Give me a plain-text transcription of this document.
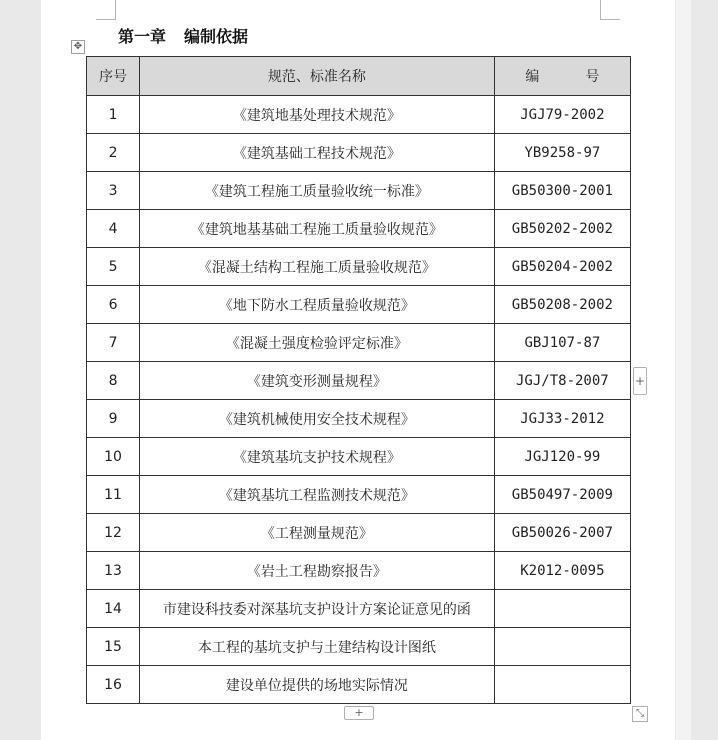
✥
第一章 编制依据
序号	规范、标准名称	编 号
1	《建筑地基处理技术规范》	JGJ79-2002
2	《建筑基础工程技术规范》	YB9258-97
3	《建筑工程施工质量验收统一标准》	GB50300-2001
4	《建筑地基基础工程施工质量验收规范》	GB50202-2002
5	《混凝土结构工程施工质量验收规范》	GB50204-2002
6	《地下防水工程质量验收规范》	GB50208-2002
7	《混凝土强度检验评定标准》	GBJ107-87
8	《建筑变形测量规程》	JGJ/T8-2007
9	《建筑机械使用安全技术规程》	JGJ33-2012
10	《建筑基坑支护技术规程》	JGJ120-99
11	《建筑基坑工程监测技术规范》	GB50497-2009
12	《工程测量规范》	GB50026-2007
13	《岩土工程勘察报告》	K2012-0095
14	市建设科技委对深基坑支护设计方案论证意见的函	
15	本工程的基坑支护与土建结构设计图纸	
16	建设单位提供的场地实际情况	
+
+	⤡
